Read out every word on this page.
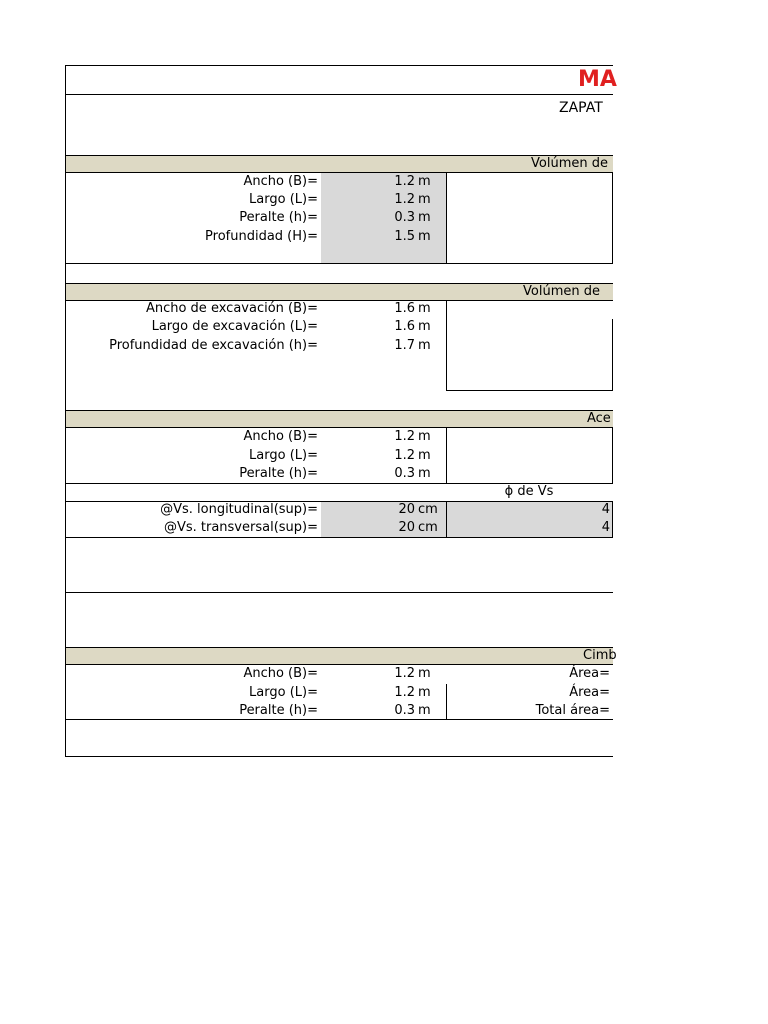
MA
ZAPAT
Volúmen de
Ancho (B)=	1.2 m
Largo (L)=	1.2 m
Peralte (h)=	0.3 m
Profundidad (H)=	1.5 m
Volúmen de
Ancho de excavación (B)=	1.6 m
Largo de excavación (L)=	1.6 m
Profundidad de excavación (h)=	1.7 m
Ace
Ancho (B)=	1.2 m
Largo (L)=	1.2 m
Peralte (h)=	0.3 m
ϕ de Vs
@Vs. longitudinal(sup)=	20 cm	4
@Vs. transversal(sup)=	20 cm	4
Cimb
Ancho (B)=	1.2 m	Área=
Largo (L)=	1.2 m	Área=
Peralte (h)=	0.3 m	Total área=
